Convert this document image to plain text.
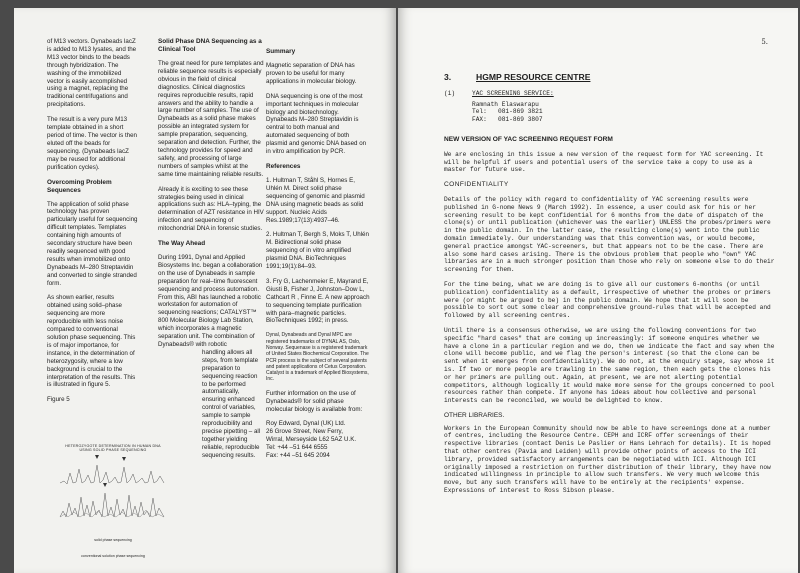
of M13 vectors. Dynabeads lacZ is added to M13 lysates, and the M13 vector binds to the beads through hybridization. The washing of the immobilized vector is easily accomplished using a magnet, replacing the traditional centrifugations and precipitations.

The result is a very pure M13 template obtained in a short period of time. The vector is then eluted off the beads for sequencing. (Dynabeads lacZ may be reused for additional purification cycles).

Overcoming Problem Sequences

The application of solid phase technology has proven particularly useful for sequencing difficult templates. Templates containing high amounts of secondary structure have been readily sequenced with good results when immobilized onto Dynabeads M–280 Streptavidin and converted to single stranded form.

As shown earlier, results obtained using solid–phase sequencing are more reproducible with less noise compared to conventional solution phase sequencing. This is of major importance, for instance, in the determination of heterozygosity, where a low background is crucial to the interpretation of the results. This is illustrated in figure 5.

Figure 5

HETEROZYGOTE DETERMINATION IN HUMAN DNA
USING SOLID PHASE SEQUENCING
solid phase sequencing
conventional solution phase sequencing
Solid Phase DNA Sequencing as a Clinical Tool

The great need for pure templates and reliable sequence results is especially obvious in the field of clinical diagnostics. Clinical diagnostics requires reproducible results, rapid answers and the ability to handle a large number of samples. The use of Dynabeads as a solid phase makes possible an integrated system for sample preparation, sequencing, separation and detection. Further, the technology provides for speed and safety, and processing of large numbers of samples whilst at the same time maintaining reliable results.

Already it is exciting to see these strategies being used in clinical applications such as: HLA–typing, the determination of AZT resistance in HIV infection and sequencing of mitochondrial DNA in forensic studies.

The Way Ahead

During 1991, Dynal and Applied Biosystems Inc. began a collaboration on the use of Dynabeads in sample preparation for real–time fluorescent sequencing and process automation. From this, ABI has launched a robotic workstation for automation of sequencing reactions; CATALYST™ 800 Molecular Biology Lab Station, which incorporates a magnetic separation unit. The combination of Dynabeads® with robotic

handling allows all steps, from template preparation to sequencing reaction to be performed automatically, ensuring enhanced control of variables, sample to sample reproducibility and precise pipetting – all together yielding reliable, reproducible sequencing results.

Summary

Magnetic separation of DNA has proven to be useful for many applications in molecular biology.

DNA sequencing is one of the most important techniques in molecular biology and biotechnology. Dynabeads M–280 Streptavidin is central to both manual and automated sequencing of both plasmid and genomic DNA based on in vitro amplification by PCR.

References

1. Hultman T, Ståhl S, Hornes E, Uhlén M. Direct solid phase sequencing of genomic and plasmid DNA using magnetic beads as solid support. Nucleic Acids Res.1989;17(13):4937–46.

2. Hultman T, Bergh S, Moks T, Uhlén M. Bidirectional solid phase sequencing of in vitro amplified plasmid DNA. BioTechniques 1991;19(1):84–93.

3. Fry G, Lachenmeier E, Mayrand E, Giusti B, Fisher J, Johnston–Dow L, Cathcart R , Finne E. A new approach to sequencing template purification with para–magnetic particles. BioTechniques 1992; in press.

Dynal, Dynabeads and Dynal MPC are registered trademarks of DYNAL AS, Oslo, Norway. Sequenase is a registered trademark of United States Biochemical Corporation. The PCR process is the subject of several patents and patent applications of Cetus Corporation. Catalyst is a trademark of Applied Biosystems, Inc.

Further information on the use of Dynabeads® for solid phase molecular biology is available from:

Roy Edward, Dynal (UK) Ltd.
26 Grove Street, New Ferry,
Wirral, Merseyside L62 5AZ U.K.
Tel: +44 –51 644 6555
Fax: +44 –51 645 2094
5.
3.	HGMP RESOURCE CENTRE
(i)	YAC SCREENING SERVICE:
Ramnath Elaswarapu
Tel: 081-869 3821
FAX: 081-869 3807

NEW VERSION OF YAC SCREENING REQUEST FORM

We are enclosing in this issue a new version of the request form for YAC screening. It will be helpful if users and potential users of the service take a copy to use as a master for future use.

CONFIDENTIALITY

Details of the policy with regard to confidentiality of YAC screening results were published in G-nome News 9 (March 1992). In essence, a user could ask for his or her screening result to be kept confidential for 6 months from the date of dispatch of the clone(s) or until publication (whichever was the earlier) UNLESS the probes/primers were in the public domain. In the latter case, the resulting clone(s) went into the public domain immediately. Our understanding was that this convention was, or would become, general practice amongst YAC-screeners, but that appears not to be the case. There are also some hard cases arising. There is the obvious problem that people who "own" YAC libraries are in a much stronger position than those who rely on someone else to do their screening for them.

For the time being, what we are doing is to give all our customers 6-months (or until publication) confidentiality as a default, irrespective of whether the probes or primers were (or might be argued to be) in the public domain. We hope that it will soon be possible to sort out some clear and comprehensive ground-rules that will be accepted and followed by all screening centres.

Until there is a consensus otherwise, we are using the following conventions for two specific "hard cases" that are coming up increasingly: if someone enquires whether we have a clone in a particular region and we do, then we indicate the fact and say when the clone will become public, and we flag the person's interest (so that the clone can be sent when it emerges from confidentiality). We do not, at the enquiry stage, say whose it is. If two or more people are trawling in the same region, then each gets the clones his or her primers are pulling out. Again, at present, we are not alerting potential competitors, although logically it would make more sense for the groups concerned to pool resources rather than compete. If anyone has ideas about how collective and personal interests can be reconciled, we would be delighted to know.

OTHER LIBRARIES.

Workers in the European Community should now be able to have screenings done at a number of centres, including the Resource Centre. CEPH and ICRF offer screenings of their respective libraries (contact Denis Le Paslier or Hans Lehrach for details). It is hoped that other centres (Pavia and Leiden) will provide other points of access to the ICI library, provided satisfactory arrangements can be negotiated with ICI. Although ICI originally imposed a restriction on further distribution of their library, they have now indicated willingness in principle to allow such transfers. We very much welcome this move, but any such transfers will have to be entirely at the recipients' expense. Expressions of interest to Ross Sibson please.
